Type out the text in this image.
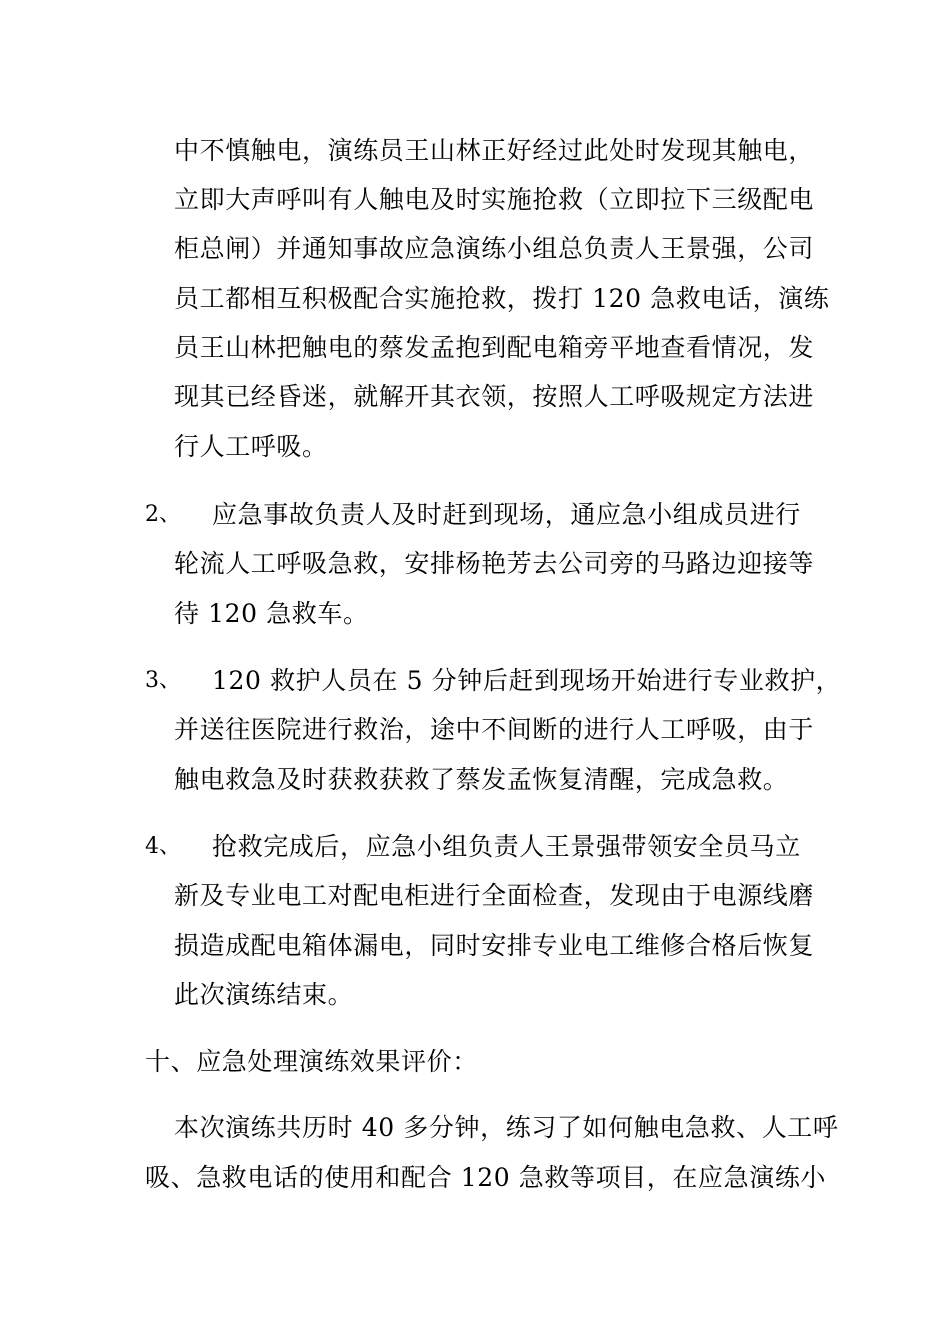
中不慎触电，演练员王山林正好经过此处时发现其触电，
立即大声呼叫有人触电及时实施抢救（立即拉下三级配电
柜总闸）并通知事故应急演练小组总负责人王景强，公司
员工都相互积极配合实施抢救，拨打 120 急救电话，演练
员王山林把触电的蔡发孟抱到配电箱旁平地查看情况，发
现其已经昏迷，就解开其衣领，按照人工呼吸规定方法进
行人工呼吸。
2、 应急事故负责人及时赶到现场，通应急小组成员进行
轮流人工呼吸急救，安排杨艳芳去公司旁的马路边迎接等
待 120 急救车。
3、 120 救护人员在 5 分钟后赶到现场开始进行专业救护，
并送往医院进行救治，途中不间断的进行人工呼吸，由于
触电救急及时获救获救了蔡发孟恢复清醒，完成急救。
4、 抢救完成后，应急小组负责人王景强带领安全员马立
新及专业电工对配电柜进行全面检查，发现由于电源线磨
损造成配电箱体漏电，同时安排专业电工维修合格后恢复
此次演练结束。
十、应急处理演练效果评价：
本次演练共历时 40 多分钟，练习了如何触电急救、人工呼
吸、急救电话的使用和配合 120 急救等项目，在应急演练小
